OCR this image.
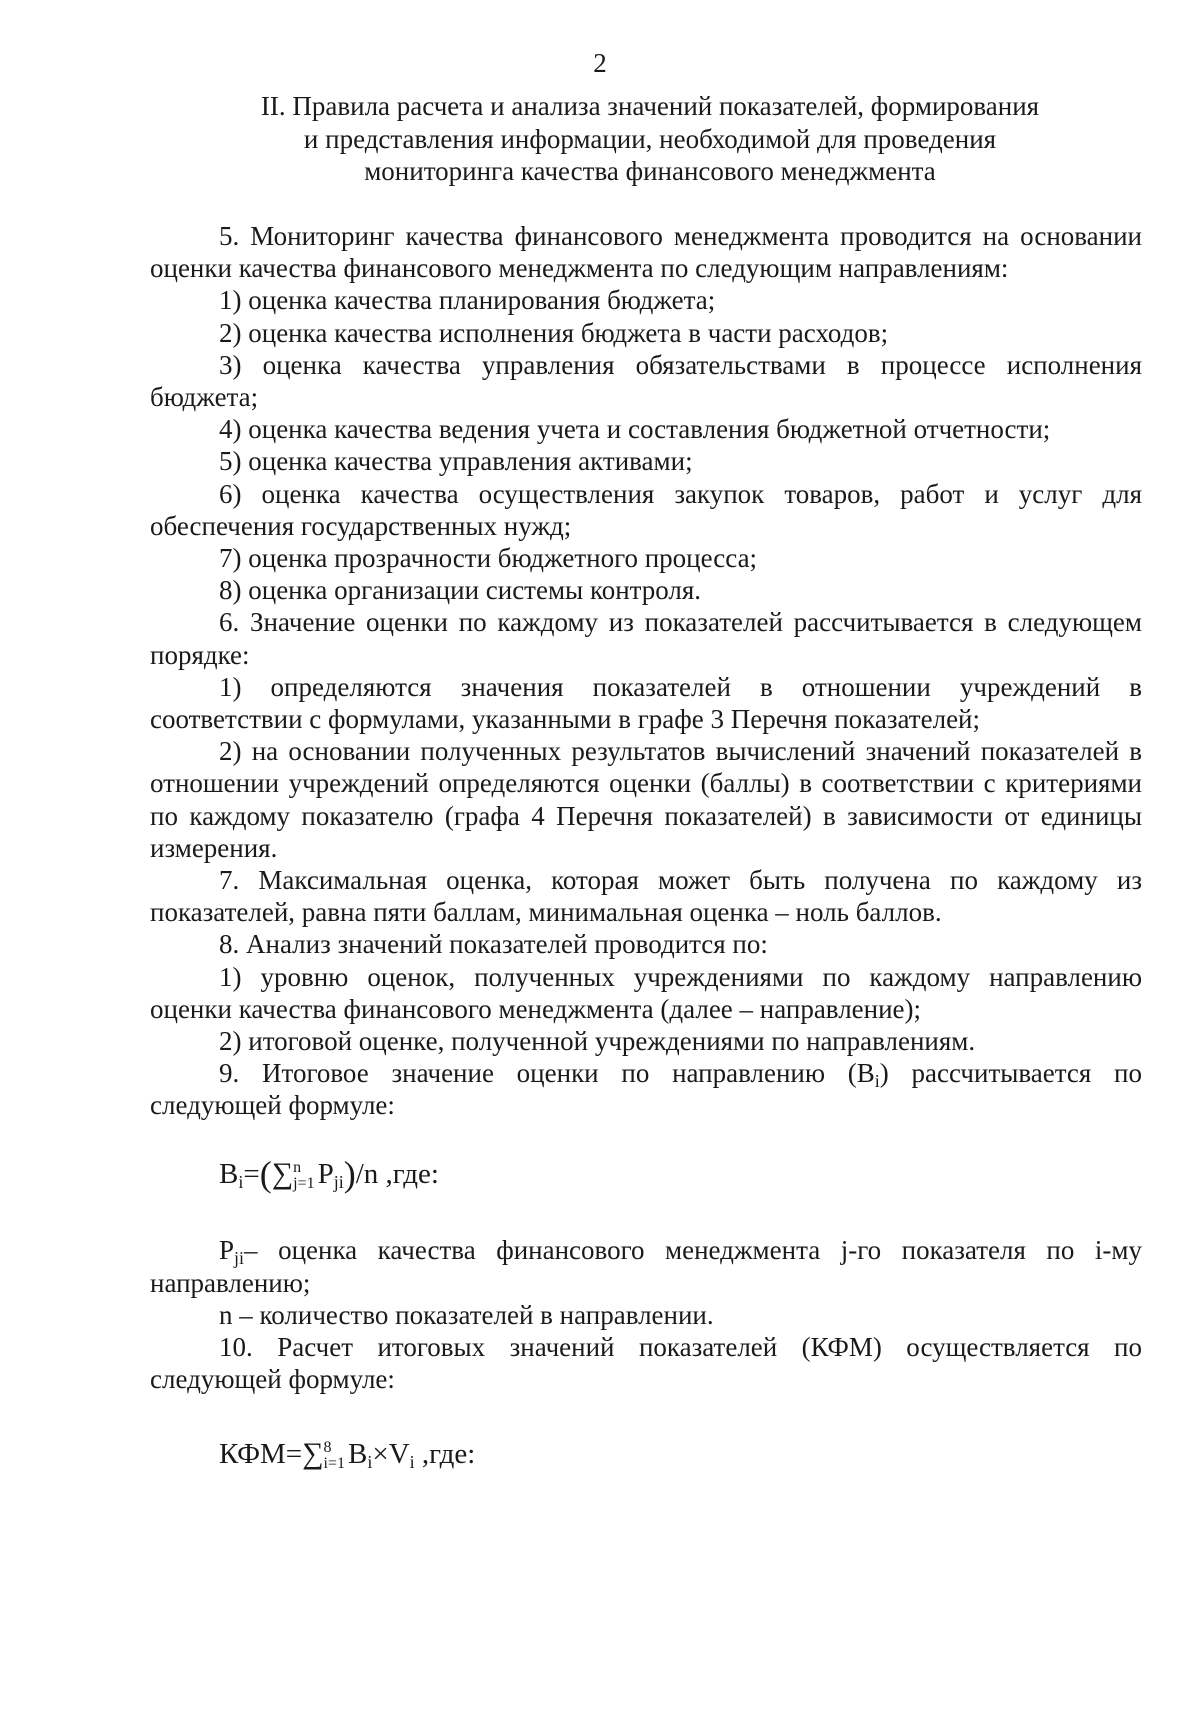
2
II. Правила расчета и анализа значений показателей, формирования
и представления информации, необходимой для проведения
мониторинга качества финансового менеджмента

5. Мониторинг качества финансового менеджмента проводится на основании оценки качества финансового менеджмента по следующим направлениям:

1) оценка качества планирования бюджета;

2) оценка качества исполнения бюджета в части расходов;

3) оценка качества управления обязательствами в процессе исполнения бюджета;

4) оценка качества ведения учета и составления бюджетной отчетности;

5) оценка качества управления активами;

6) оценка качества осуществления закупок товаров, работ и услуг для обеспечения государственных нужд;

7) оценка прозрачности бюджетного процесса;

8) оценка организации системы контроля.

6. Значение оценки по каждому из показателей рассчитывается в следующем порядке:

1) определяются значения показателей в отношении учреждений в соответствии с формулами, указанными в графе 3 Перечня показателей;

2) на основании полученных результатов вычислений значений показателей в отношении учреждений определяются оценки (баллы) в соответствии с критериями по каждому показателю (графа 4 Перечня показателей) в зависимости от единицы измерения.

7. Максимальная оценка, которая может быть получена по каждому из показателей, равна пяти баллам, минимальная оценка – ноль баллов.

8. Анализ значений показателей проводится по:

1) уровню оценок, полученных учреждениями по каждому направлению оценки качества финансового менеджмента (далее – направление);

2) итоговой оценке, полученной учреждениями по направлениям.

9. Итоговое значение оценки по направлению $(B_i)$ рассчитывается по следующей формуле:

$B_i=(\sum$ n
j=1 $P_{ji})/n$ ,где:

$P_{ji}-$ оценка качества финансового менеджмента j-го показателя по i-му направлению;

n – количество показателей в направлении.

10. Расчет итоговых значений показателей (КФМ) осуществляется по следующей формуле:

КФМ=∑ 8
i=1 $B_i\times V_i$ ,где:
